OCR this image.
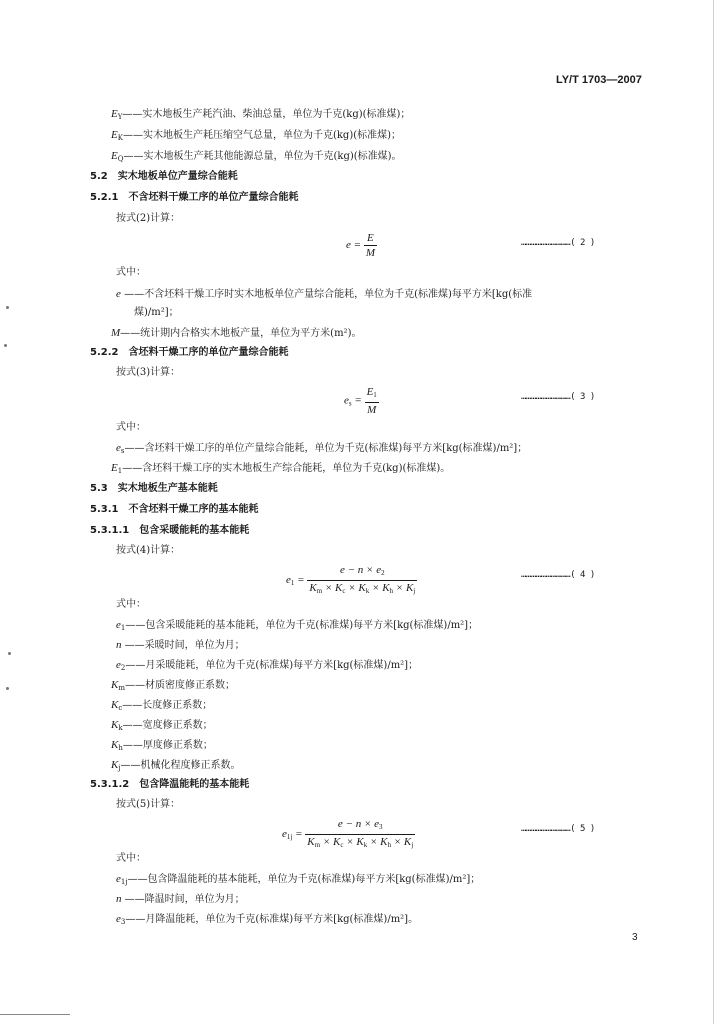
LY/T 1703—2007
$E_Y——$实木地板生产耗汽油、柴油总量，单位为千克(kg)(标准煤)；
$E_K——$实木地板生产耗压缩空气总量，单位为千克(kg)(标准煤)；
$E_Q——$实木地板生产耗其他能源总量，单位为千克(kg)(标准煤)。
5.2 实木地板单位产量综合能耗
5.2.1 不含坯料干燥工序的单位产量综合能耗
按式(2)计算：
$e = \frac{E}{M}$	…………………………( 2 )
式中：
e ——不含坯料干燥工序时实木地板单位产量综合能耗，单位为千克(标准煤)每平方米[kg(标准
煤)/m²]；
M——统计期内合格实木地板产量，单位为平方米(m²)。
5.2.2 含坯料干燥工序的单位产量综合能耗
按式(3)计算：
$e_s = \frac{E_1}{M}$	…………………………( 3 )
式中：
$e_s——$含坯料干燥工序的单位产量综合能耗，单位为千克(标准煤)每平方米[kg(标准煤)/m²]；
$E_1——$含坯料干燥工序的实木地板生产综合能耗，单位为千克(kg)(标准煤)。
5.3 实木地板生产基本能耗
5.3.1 不含坯料干燥工序的基本能耗
5.3.1.1 包含采暖能耗的基本能耗
按式(4)计算：
$e_1 = \frac{e - n \times e_2}{K_m \times K_c \times K_k \times K_h \times K_j}$	…………………………( 4 )
式中：
$e_1——$包含采暖能耗的基本能耗，单位为千克(标准煤)每平方米[kg(标准煤)/m²]；
n ——采暖时间，单位为月；
$e_2——$月采暖能耗，单位为千克(标准煤)每平方米[kg(标准煤)/m²]；
$K_m——$材质密度修正系数；
$K_c——$长度修正系数；
$K_k——$宽度修正系数；
$K_h——$厚度修正系数；
$K_j——$机械化程度修正系数。
5.3.1.2 包含降温能耗的基本能耗
按式(5)计算：
$e_{1j} = \frac{e - n \times e_3}{K_m \times K_c \times K_k \times K_h \times K_j}$	…………………………( 5 )
式中：
$e_{1j}——$包含降温能耗的基本能耗，单位为千克(标准煤)每平方米[kg(标准煤)/m²]；
n ——降温时间，单位为月；
$e_3——$月降温能耗，单位为千克(标准煤)每平方米[kg(标准煤)/m²]。
3
